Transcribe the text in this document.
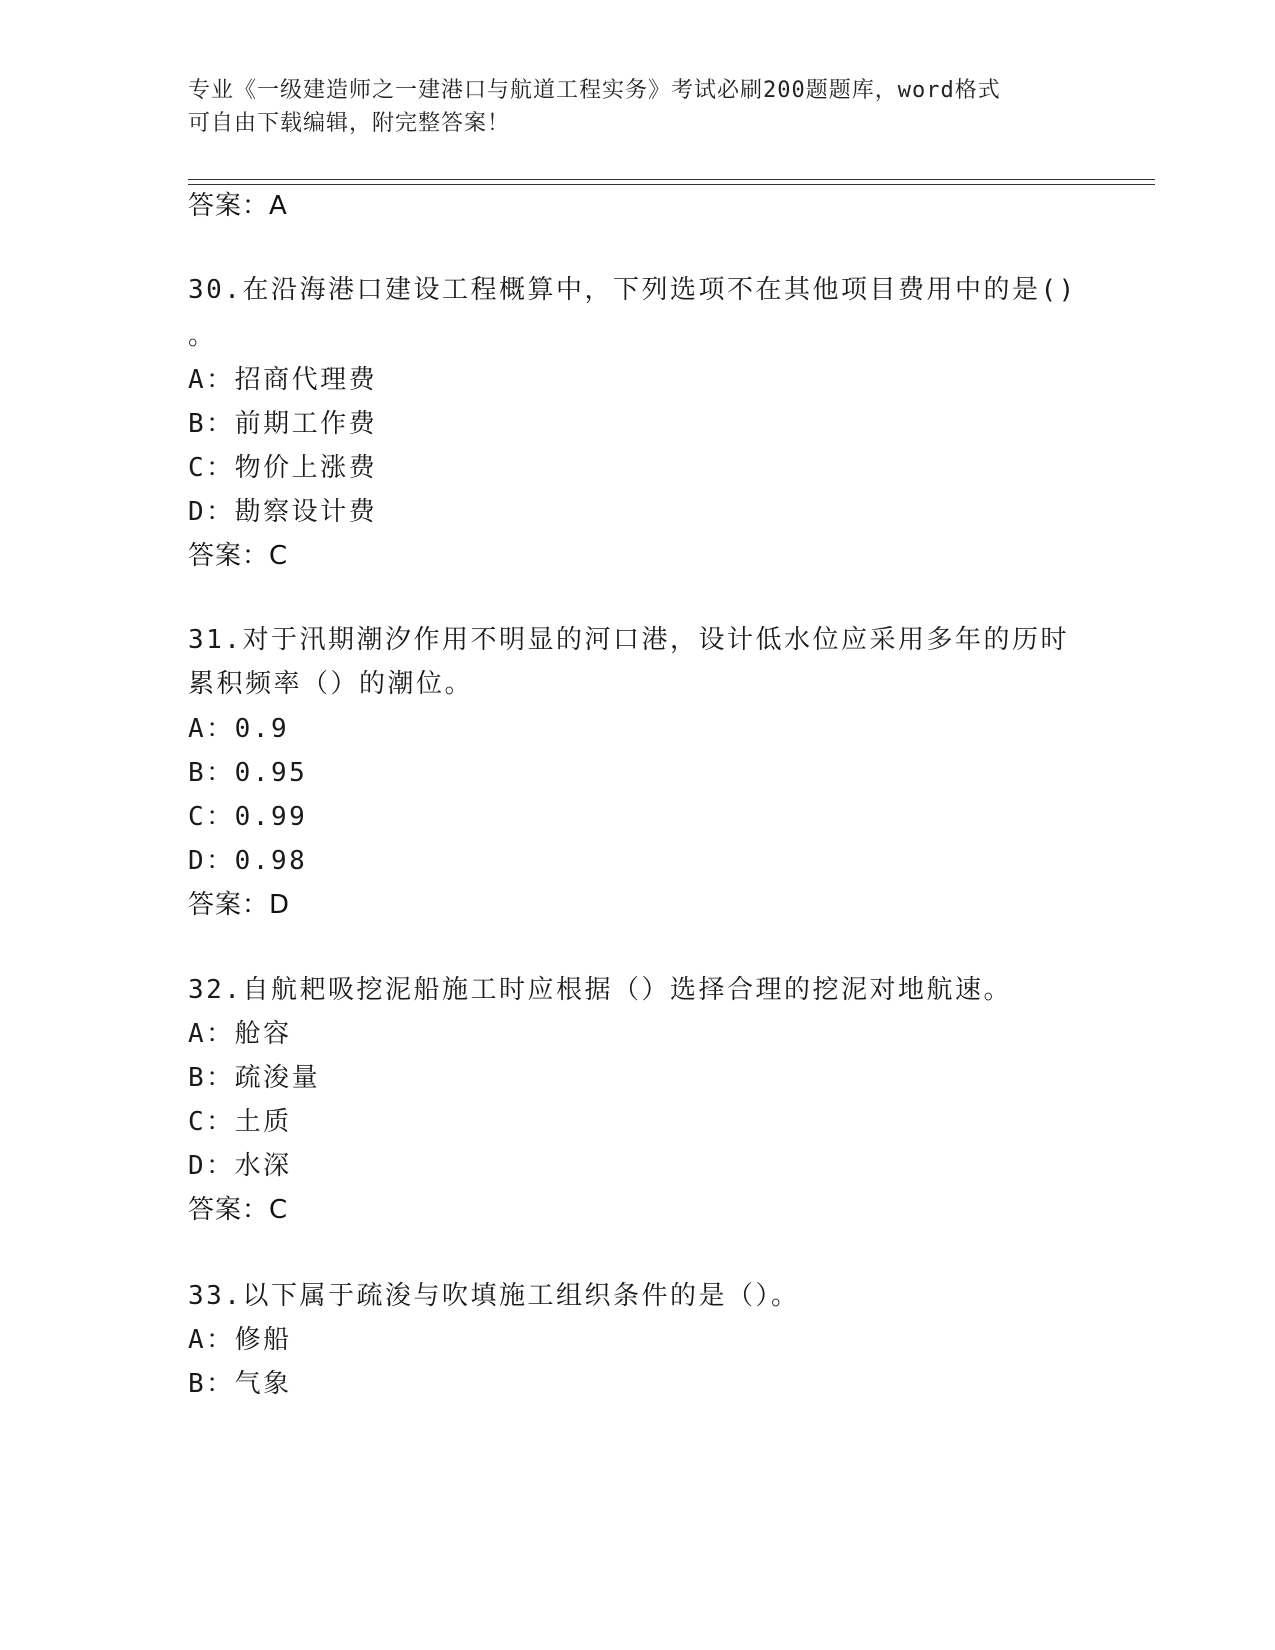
专业《一级建造师之一建港口与航道工程实务》考试必刷200题题库，word格式
可自由下载编辑，附完整答案！
答案：A
30.在沿海港口建设工程概算中，下列选项不在其他项目费用中的是()
。
A：招商代理费
B：前期工作费
C：物价上涨费
D：勘察设计费
答案：C
31.对于汛期潮汐作用不明显的河口港，设计低水位应采用多年的历时
累积频率（）的潮位。
A：0.9
B：0.95
C：0.99
D：0.98
答案：D
32.自航耙吸挖泥船施工时应根据（）选择合理的挖泥对地航速。
A：舱容
B：疏浚量
C：土质
D：水深
答案：C
33.以下属于疏浚与吹填施工组织条件的是（）。
A：修船
B：气象
